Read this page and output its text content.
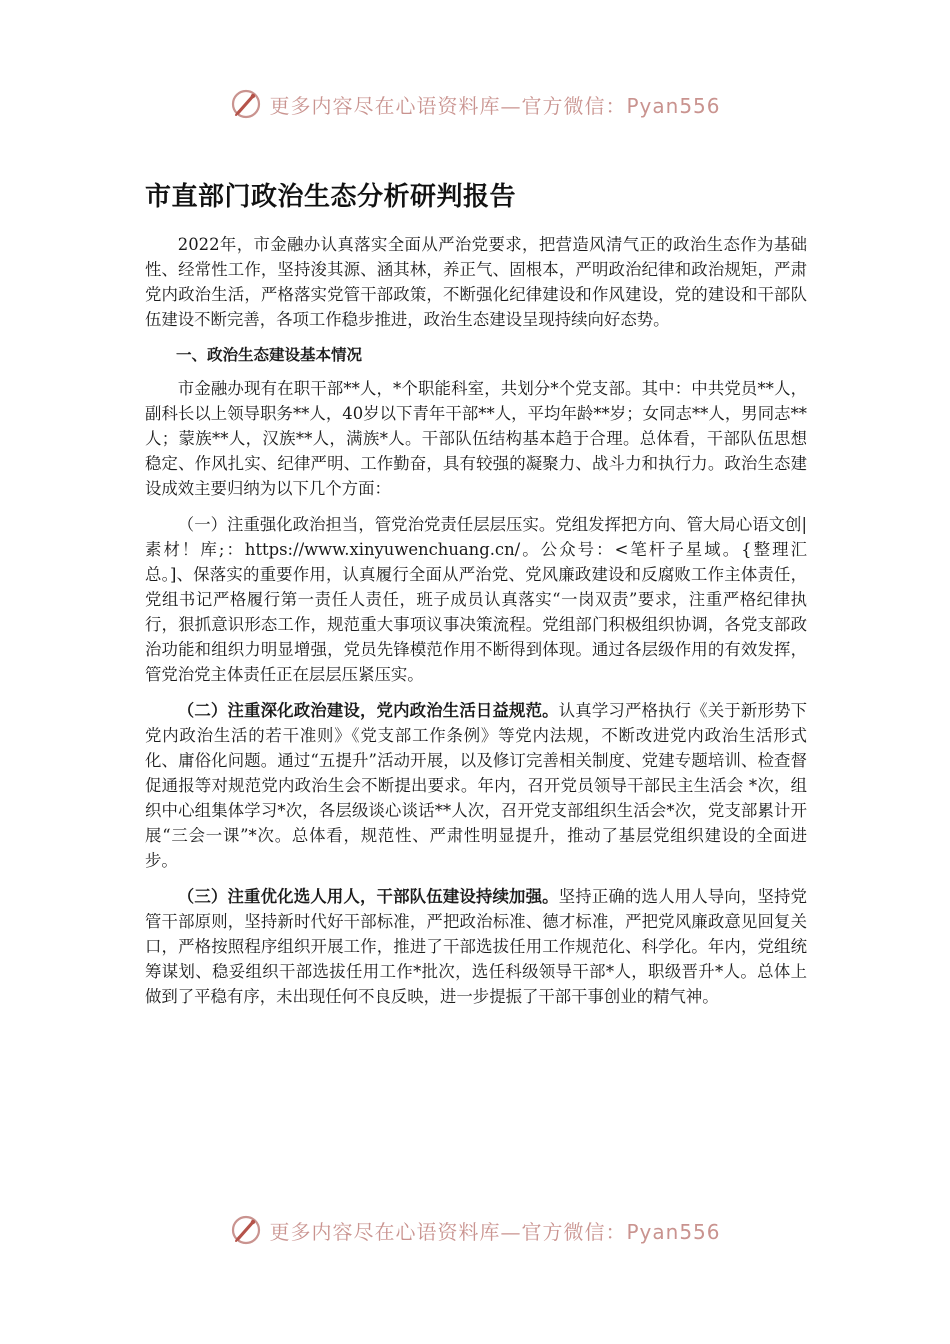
更多内容尽在心语资料库—官方微信：Pyan556
市直部门政治生态分析研判报告

2022年，市金融办认真落实全面从严治党要求，把营造风清气正的政治生态作为基础性、经常性工作，坚持浚其源、涵其林，养正气、固根本，严明政治纪律和政治规矩，严肃党内政治生活，严格落实党管干部政策，不断强化纪律建设和作风建设，党的建设和干部队伍建设不断完善，各项工作稳步推进，政治生态建设呈现持续向好态势。

一、政治生态建设基本情况

市金融办现有在职干部**人，*个职能科室，共划分*个党支部。其中：中共党员**人，副科长以上领导职务**人，40岁以下青年干部**人，平均年龄**岁；女同志**人，男同志**人；蒙族**人，汉族**人，满族*人。干部队伍结构基本趋于合理。总体看，干部队伍思想稳定、作风扎实、纪律严明、工作勤奋，具有较强的凝聚力、战斗力和执行力。政治生态建设成效主要归纳为以下几个方面：

（一）注重强化政治担当，管党治党责任层层压实。党组发挥把方向、管大局心语文创|素材！库;：https://www.xinyuwenchuang.cn/。公众号：<笔杆子星域。{整理汇总。]、保落实的重要作用，认真履行全面从严治党、党风廉政建设和反腐败工作主体责任，党组书记严格履行第一责任人责任，班子成员认真落实“一岗双责”要求，注重严格纪律执行，狠抓意识形态工作，规范重大事项议事决策流程。党组部门积极组织协调，各党支部政治功能和组织力明显增强，党员先锋模范作用不断得到体现。通过各层级作用的有效发挥，管党治党主体责任正在层层压紧压实。

（二）注重深化政治建设，党内政治生活日益规范。认真学习严格执行《关于新形势下党内政治生活的若干准则》《党支部工作条例》等党内法规，不断改进党内政治生活形式化、庸俗化问题。通过“五提升”活动开展，以及修订完善相关制度、党建专题培训、检查督促通报等对规范党内政治生会不断提出要求。年内，召开党员领导干部民主生活会 *次，组织中心组集体学习*次，各层级谈心谈话**人次，召开党支部组织生活会*次，党支部累计开展“三会一课”*次。总体看，规范性、严肃性明显提升，推动了基层党组织建设的全面进步。

（三）注重优化选人用人，干部队伍建设持续加强。坚持正确的选人用人导向，坚持党管干部原则，坚持新时代好干部标准，严把政治标准、德才标准，严把党风廉政意见回复关口，严格按照程序组织开展工作，推进了干部选拔任用工作规范化、科学化。年内，党组统筹谋划、稳妥组织干部选拔任用工作*批次，选任科级领导干部*人，职级晋升*人。总体上做到了平稳有序，未出现任何不良反映，进一步提振了干部干事创业的精气神。

更多内容尽在心语资料库—官方微信：Pyan556
